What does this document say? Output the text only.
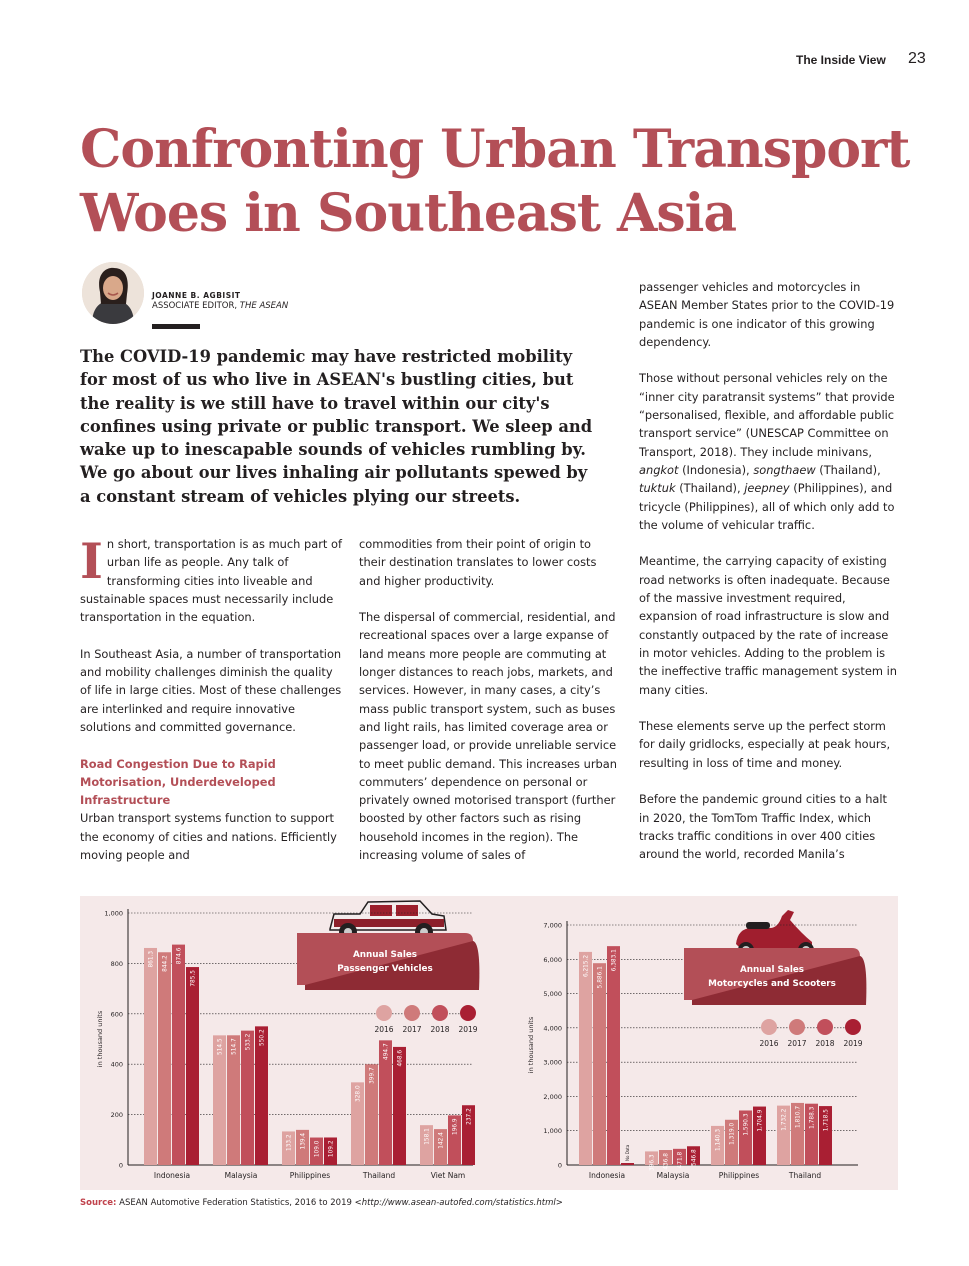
The Inside View 23
Confronting Urban Transport Woes in Southeast Asia
JOANNE B. AGBISIT
ASSOCIATE EDITOR, THE ASEAN
The COVID-19 pandemic may have restricted mobility for most of us who live in ASEAN's bustling cities, but the reality is we still have to travel within our city's confines using private or public transport. We sleep and wake up to inescapable sounds of vehicles rumbling by. We go about our lives inhaling air pollutants spewed by a constant stream of vehicles plying our streets.

In short, transportation is as much part of urban life as people. Any talk of transforming cities into liveable and sustainable spaces must necessarily include transportation in the equation.

In Southeast Asia, a number of transportation and mobility challenges diminish the quality of life in large cities. Most of these challenges are interlinked and require innovative solutions and committed governance.

Road Congestion Due to Rapid Motorisation, Underdeveloped Infrastructure

Urban transport systems function to support the economy of cities and nations. Efficiently moving people and

commodities from their point of origin to their destination translates to lower costs and higher productivity.

The dispersal of commercial, residential, and recreational spaces over a large expanse of land means more people are commuting at longer distances to reach jobs, markets, and services. However, in many cases, a city’s mass public transport system, such as buses and light rails, has limited coverage area or passenger load, or provide unreliable service to meet public demand. This increases urban commuters’ dependence on personal or privately owned motorised transport (further boosted by other factors such as rising household incomes in the region). The increasing volume of sales of

passenger vehicles and motorcycles in ASEAN Member States prior to the COVID-19 pandemic is one indicator of this growing dependency.

Those without personal vehicles rely on the “inner city paratransit systems” that provide “personalised, flexible, and affordable public transport service” (UNESCAP Committee on Transport, 2018). They include minivans, angkot (Indonesia), songthaew (Thailand), tuktuk (Thailand), jeepney (Philippines), and tricycle (Philippines), all of which only add to the volume of vehicular traffic.

Meantime, the carrying capacity of existing road networks is often inadequate. Because of the massive investment required, expansion of road infrastructure is slow and constantly outpaced by the rate of increase in motor vehicles. Adding to the problem is the ineffective traffic management system in many cities.

These elements serve up the perfect storm for daily gridlocks, especially at peak hours, resulting in loss of time and money.

Before the pandemic ground cities to a halt in 2020, the TomTom Traffic Index, which tracks traffic conditions in over 400 cities around the world, recorded Manila’s

0
200
400
600
800
1,000
in thousand units
861.3 844.2 874.6
785.5
Indonesia
514.5 514.7 533.2 550.2
Malaysia
133.2 139.4 109.0 109.2
Philippines
328.0
399.7
494.7 468.6
Thailand
158.1 142.4
196.9
237.2
Viet Nam
Annual Sales
Passenger Vehicles
2016 2017 2018 2019
0
1,000
2,000
3,000
4,000
5,000
6,000
7,000
in thousand units
6,215.2
5,886.1
6,383.1
No Data
Indonesia
396.3 436.8 471.8 546.8
Malaysia
1,140.3 1,319.0 1,590.3 1,704.9
Philippines
1,732.2 1,810.7 1,788.3 1,718.5
Thailand
Annual Sales
Motorcycles and Scooters
2016 2017 2018 2019
Source: ASEAN Automotive Federation Statistics, 2016 to 2019 <http://www.asean-autofed.com/statistics.html>
